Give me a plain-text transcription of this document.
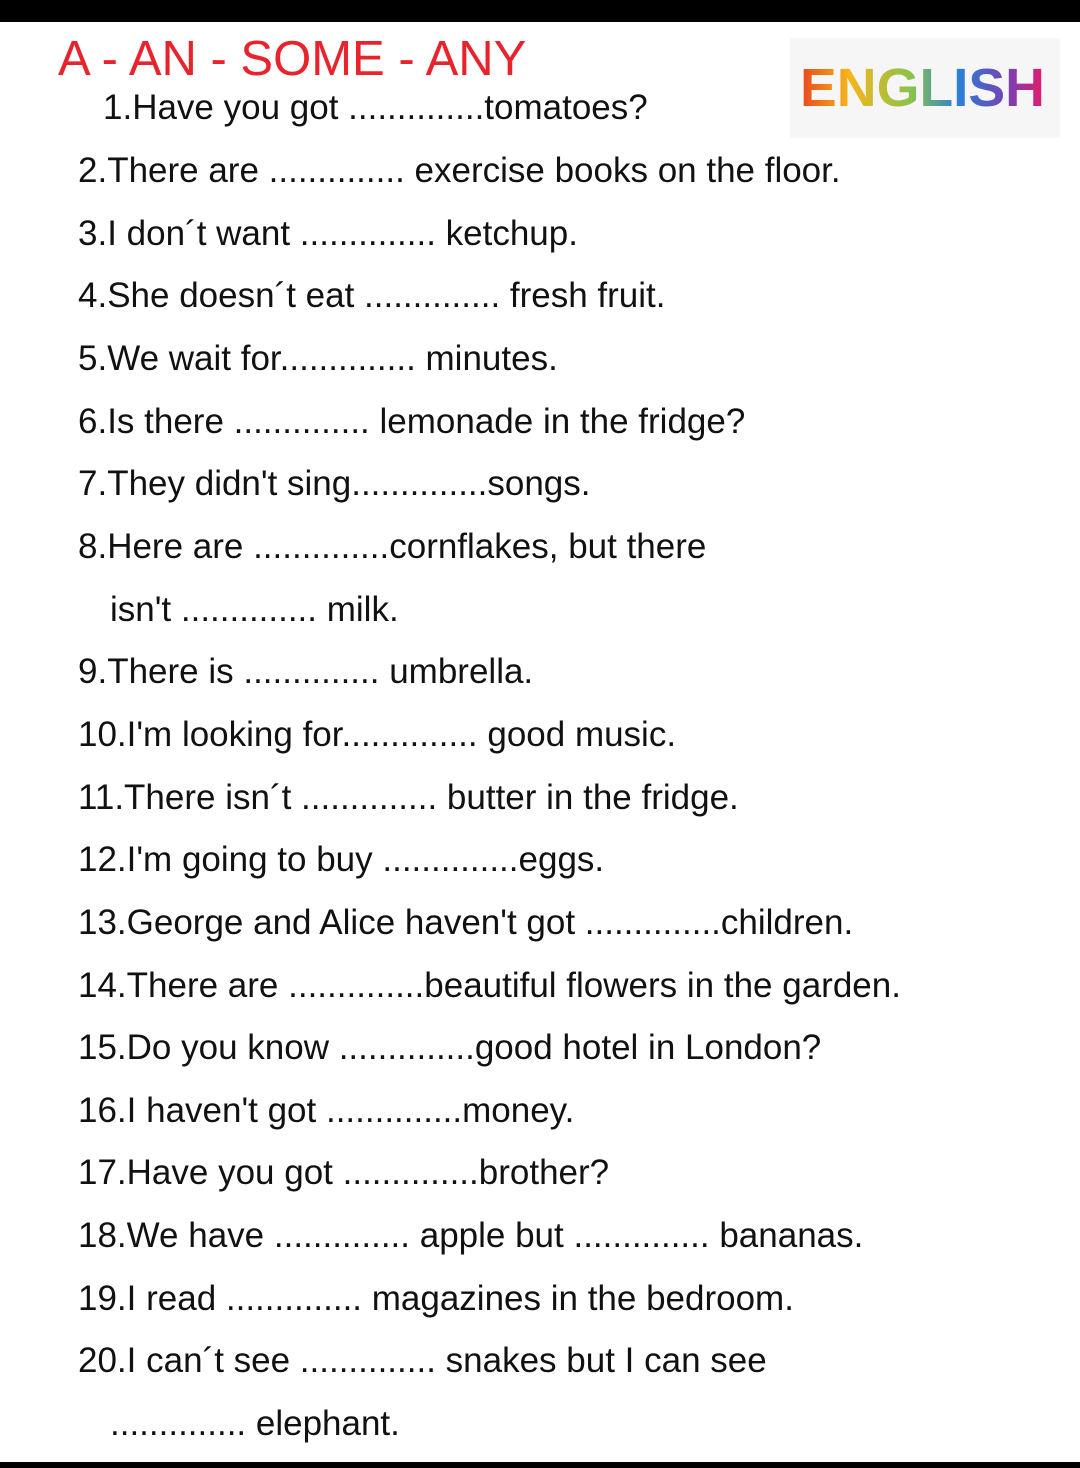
A - AN - SOME - ANY	ENGLISH
1.Have you got ..............tomatoes?
2.There are .............. exercise books on the floor.
3.I don´t want .............. ketchup.
4.She doesn´t eat .............. fresh fruit.
5.We wait for.............. minutes.
6.Is there .............. lemonade in the fridge?
7.They didn't sing..............songs.
8.Here are ..............cornflakes, but there
isn't .............. milk.
9.There is .............. umbrella.
10.I'm looking for.............. good music.
11.There isn´t .............. butter in the fridge.
12.I'm going to buy ..............eggs.
13.George and Alice haven't got ..............children.
14.There are ..............beautiful flowers in the garden.
15.Do you know ..............good hotel in London?
16.I haven't got ..............money.
17.Have you got ..............brother?
18.We have .............. apple but .............. bananas.
19.I read .............. magazines in the bedroom.
20.I can´t see .............. snakes but I can see
.............. elephant.
